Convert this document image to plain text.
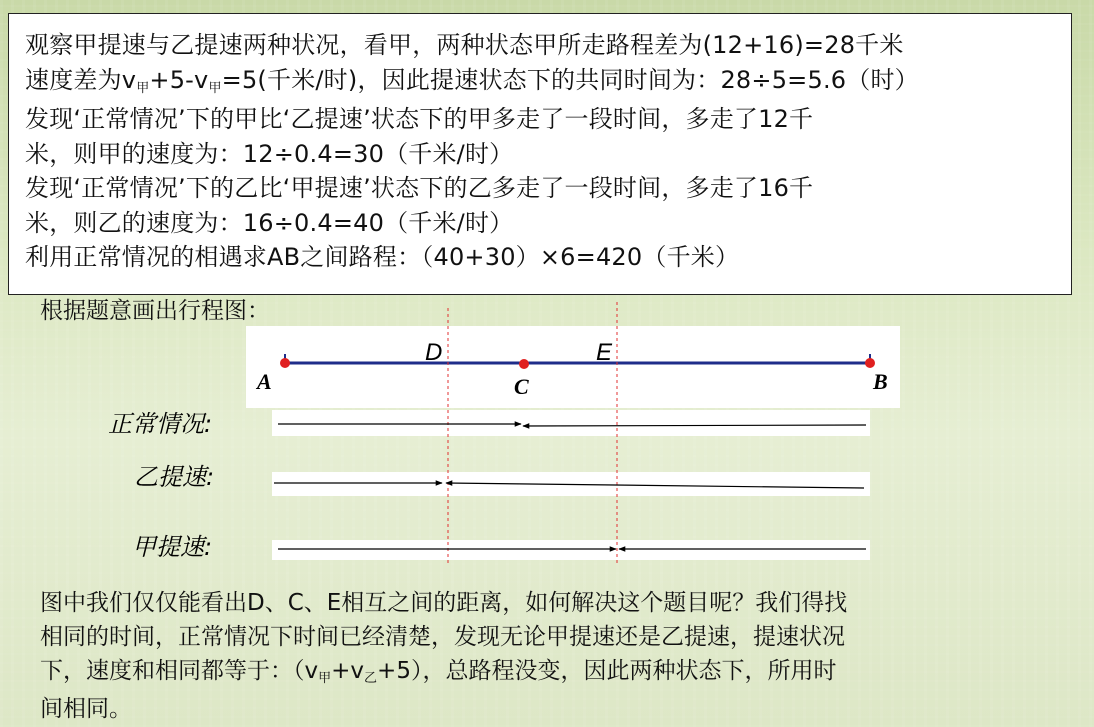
观察甲提速与乙提速两种状况，看甲，两种状态甲所走路程差为(12+16)=28千米
速度差为v甲+5-v甲=5(千米/时)，因此提速状态下的共同时间为：28÷5=5.6（时）
发现‘正常情况’下的甲比‘乙提速’状态下的甲多走了一段时间，多走了12千
米，则甲的速度为：12÷0.4=30（千米/时）
发现‘正常情况’下的乙比‘甲提速’状态下的乙多走了一段时间，多走了16千
米，则乙的速度为：16÷0.4=40（千米/时）
利用正常情况的相遇求AB之间路程：（40+30）×6=420（千米）
根据题意画出行程图：
A	C	B
D	E
正常情况:
乙提速:
甲提速:
图中我们仅仅能看出D、C、E相互之间的距离，如何解决这个题目呢？我们得找
相同的时间，正常情况下时间已经清楚，发现无论甲提速还是乙提速，提速状况
下，速度和相同都等于：（v甲+v乙+5），总路程没变，因此两种状态下，所用时
间相同。
